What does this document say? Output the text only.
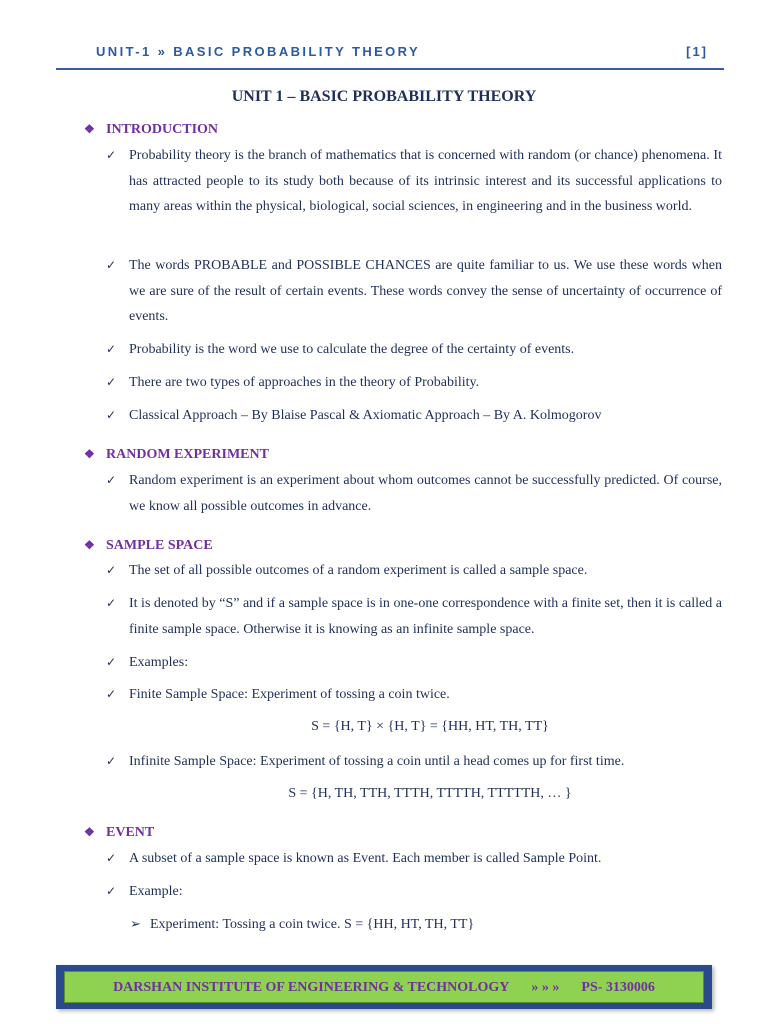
UNIT-1 » BASIC PROBABILITY THEORY	[1]
UNIT 1 – BASIC PROBABILITY THEORY
❖ INTRODUCTION
✓ Probability theory is the branch of mathematics that is concerned with random (or chance) phenomena. It has attracted people to its study both because of its intrinsic interest and its successful applications to many areas within the physical, biological, social sciences, in engineering and in the business world.
✓ The words PROBABLE and POSSIBLE CHANCES are quite familiar to us. We use these words when we are sure of the result of certain events. These words convey the sense of uncertainty of occurrence of events.
✓ Probability is the word we use to calculate the degree of the certainty of events.
✓ There are two types of approaches in the theory of Probability.
✓ Classical Approach – By Blaise Pascal & Axiomatic Approach – By A. Kolmogorov
❖ RANDOM EXPERIMENT
✓ Random experiment is an experiment about whom outcomes cannot be successfully predicted. Of course, we know all possible outcomes in advance.
❖ SAMPLE SPACE
✓ The set of all possible outcomes of a random experiment is called a sample space.
✓ It is denoted by “S” and if a sample space is in one-one correspondence with a finite set, then it is called a finite sample space. Otherwise it is knowing as an infinite sample space.
✓ Examples:
✓ Finite Sample Space: Experiment of tossing a coin twice.
S = {H, T} × {H, T} = {HH, HT, TH, TT}
✓ Infinite Sample Space: Experiment of tossing a coin until a head comes up for first time.
S = {H, TH, TTH, TTTH, TTTTH, TTTTTH, … }
❖ EVENT
✓ A subset of a sample space is known as Event. Each member is called Sample Point.
✓ Example:
➢ Experiment: Tossing a coin twice. S = {HH, HT, TH, TT}
DARSHAN INSTITUTE OF ENGINEERING & TECHNOLOGY » » » PS- 3130006
